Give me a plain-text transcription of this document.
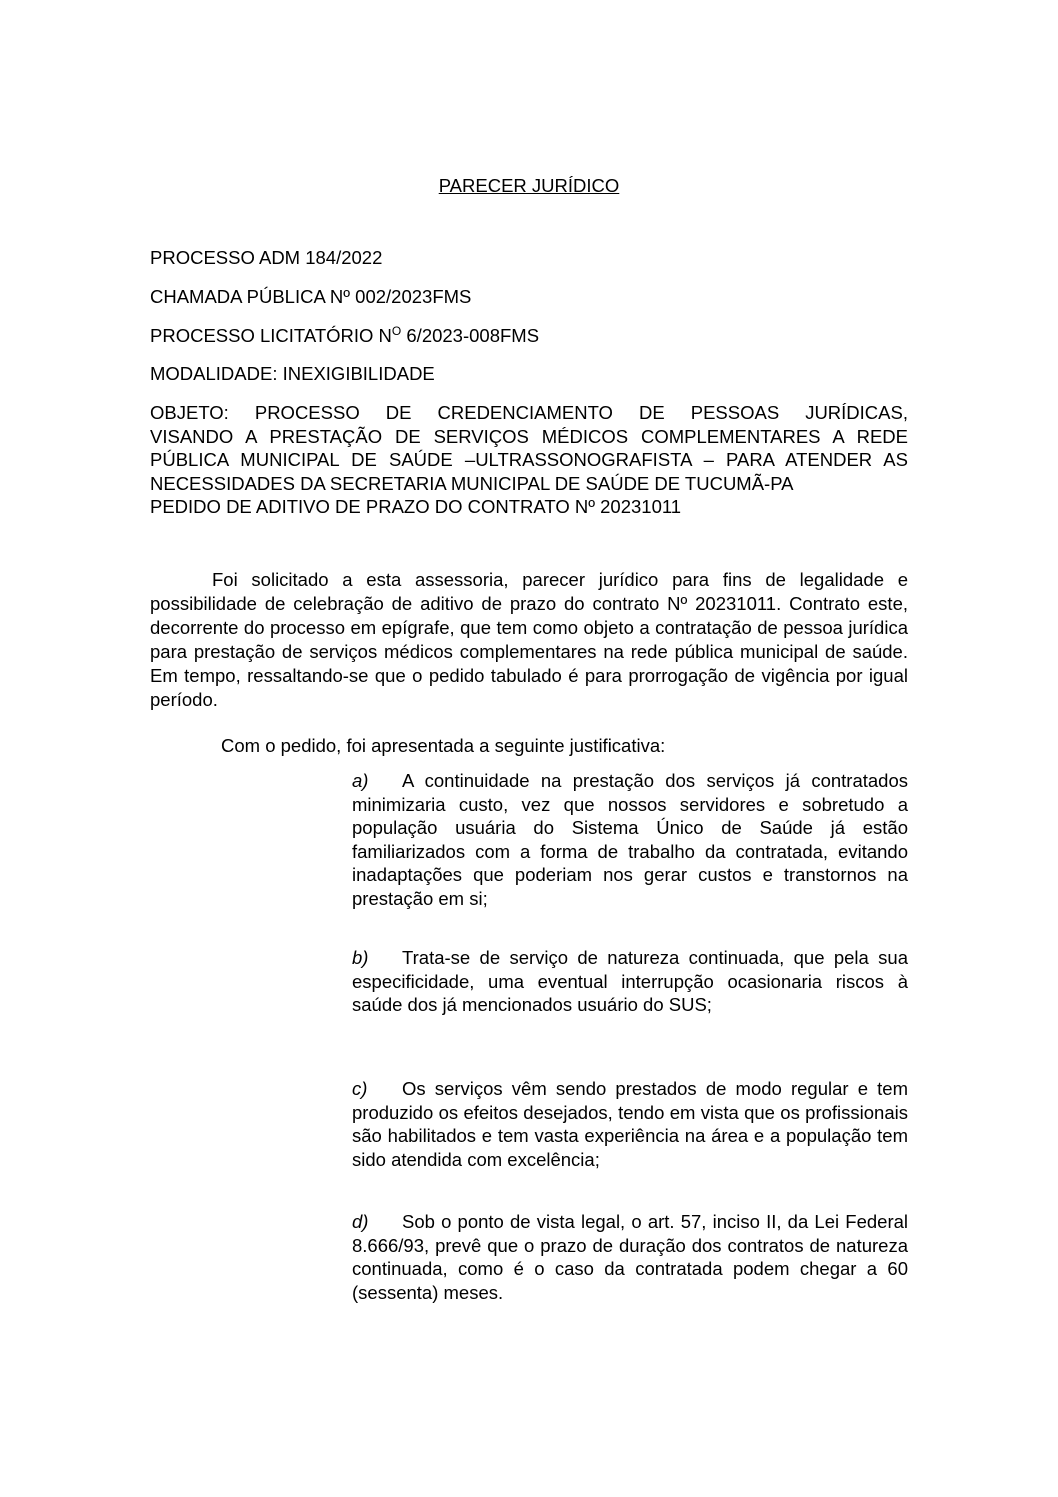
PARECER JURÍDICO
PROCESSO ADM 184/2022
CHAMADA PÚBLICA Nº 002/2023FMS
PROCESSO LICITATÓRIO $N^O$ 6/2023-008FMS
MODALIDADE: INEXIGIBILIDADE
OBJETO: PROCESSO DE CREDENCIAMENTO DE PESSOAS JURÍDICAS,
VISANDO A PRESTAÇÃO DE SERVIÇOS MÉDICOS COMPLEMENTARES A REDE
PÚBLICA MUNICIPAL DE SAÚDE –ULTRASSONOGRAFISTA – PARA ATENDER AS
NECESSIDADES DA SECRETARIA MUNICIPAL DE SAÚDE DE TUCUMÃ-PA
PEDIDO DE ADITIVO DE PRAZO DO CONTRATO Nº 20231011
Foi solicitado a esta assessoria, parecer jurídico para fins de legalidade e possibilidade de celebração de aditivo de prazo do contrato Nº 20231011. Contrato este, decorrente do processo em epígrafe, que tem como objeto a contratação de pessoa jurídica para prestação de serviços médicos complementares na rede pública municipal de saúde. Em tempo, ressaltando-se que o pedido tabulado é para prorrogação de vigência por igual período.
Com o pedido, foi apresentada a seguinte justificativa:
a) A continuidade na prestação dos serviços já contratados minimizaria custo, vez que nossos servidores e sobretudo a população usuária do Sistema Único de Saúde já estão familiarizados com a forma de trabalho da contratada, evitando inadaptações que poderiam nos gerar custos e transtornos na prestação em si;
b) Trata-se de serviço de natureza continuada, que pela sua especificidade, uma eventual interrupção ocasionaria riscos à saúde dos já mencionados usuário do SUS;
c) Os serviços vêm sendo prestados de modo regular e tem produzido os efeitos desejados, tendo em vista que os profissionais são habilitados e tem vasta experiência na área e a população tem sido atendida com excelência;
d) Sob o ponto de vista legal, o art. 57, inciso II, da Lei Federal 8.666/93, prevê que o prazo de duração dos contratos de natureza continuada, como é o caso da contratada podem chegar a 60 (sessenta) meses.
